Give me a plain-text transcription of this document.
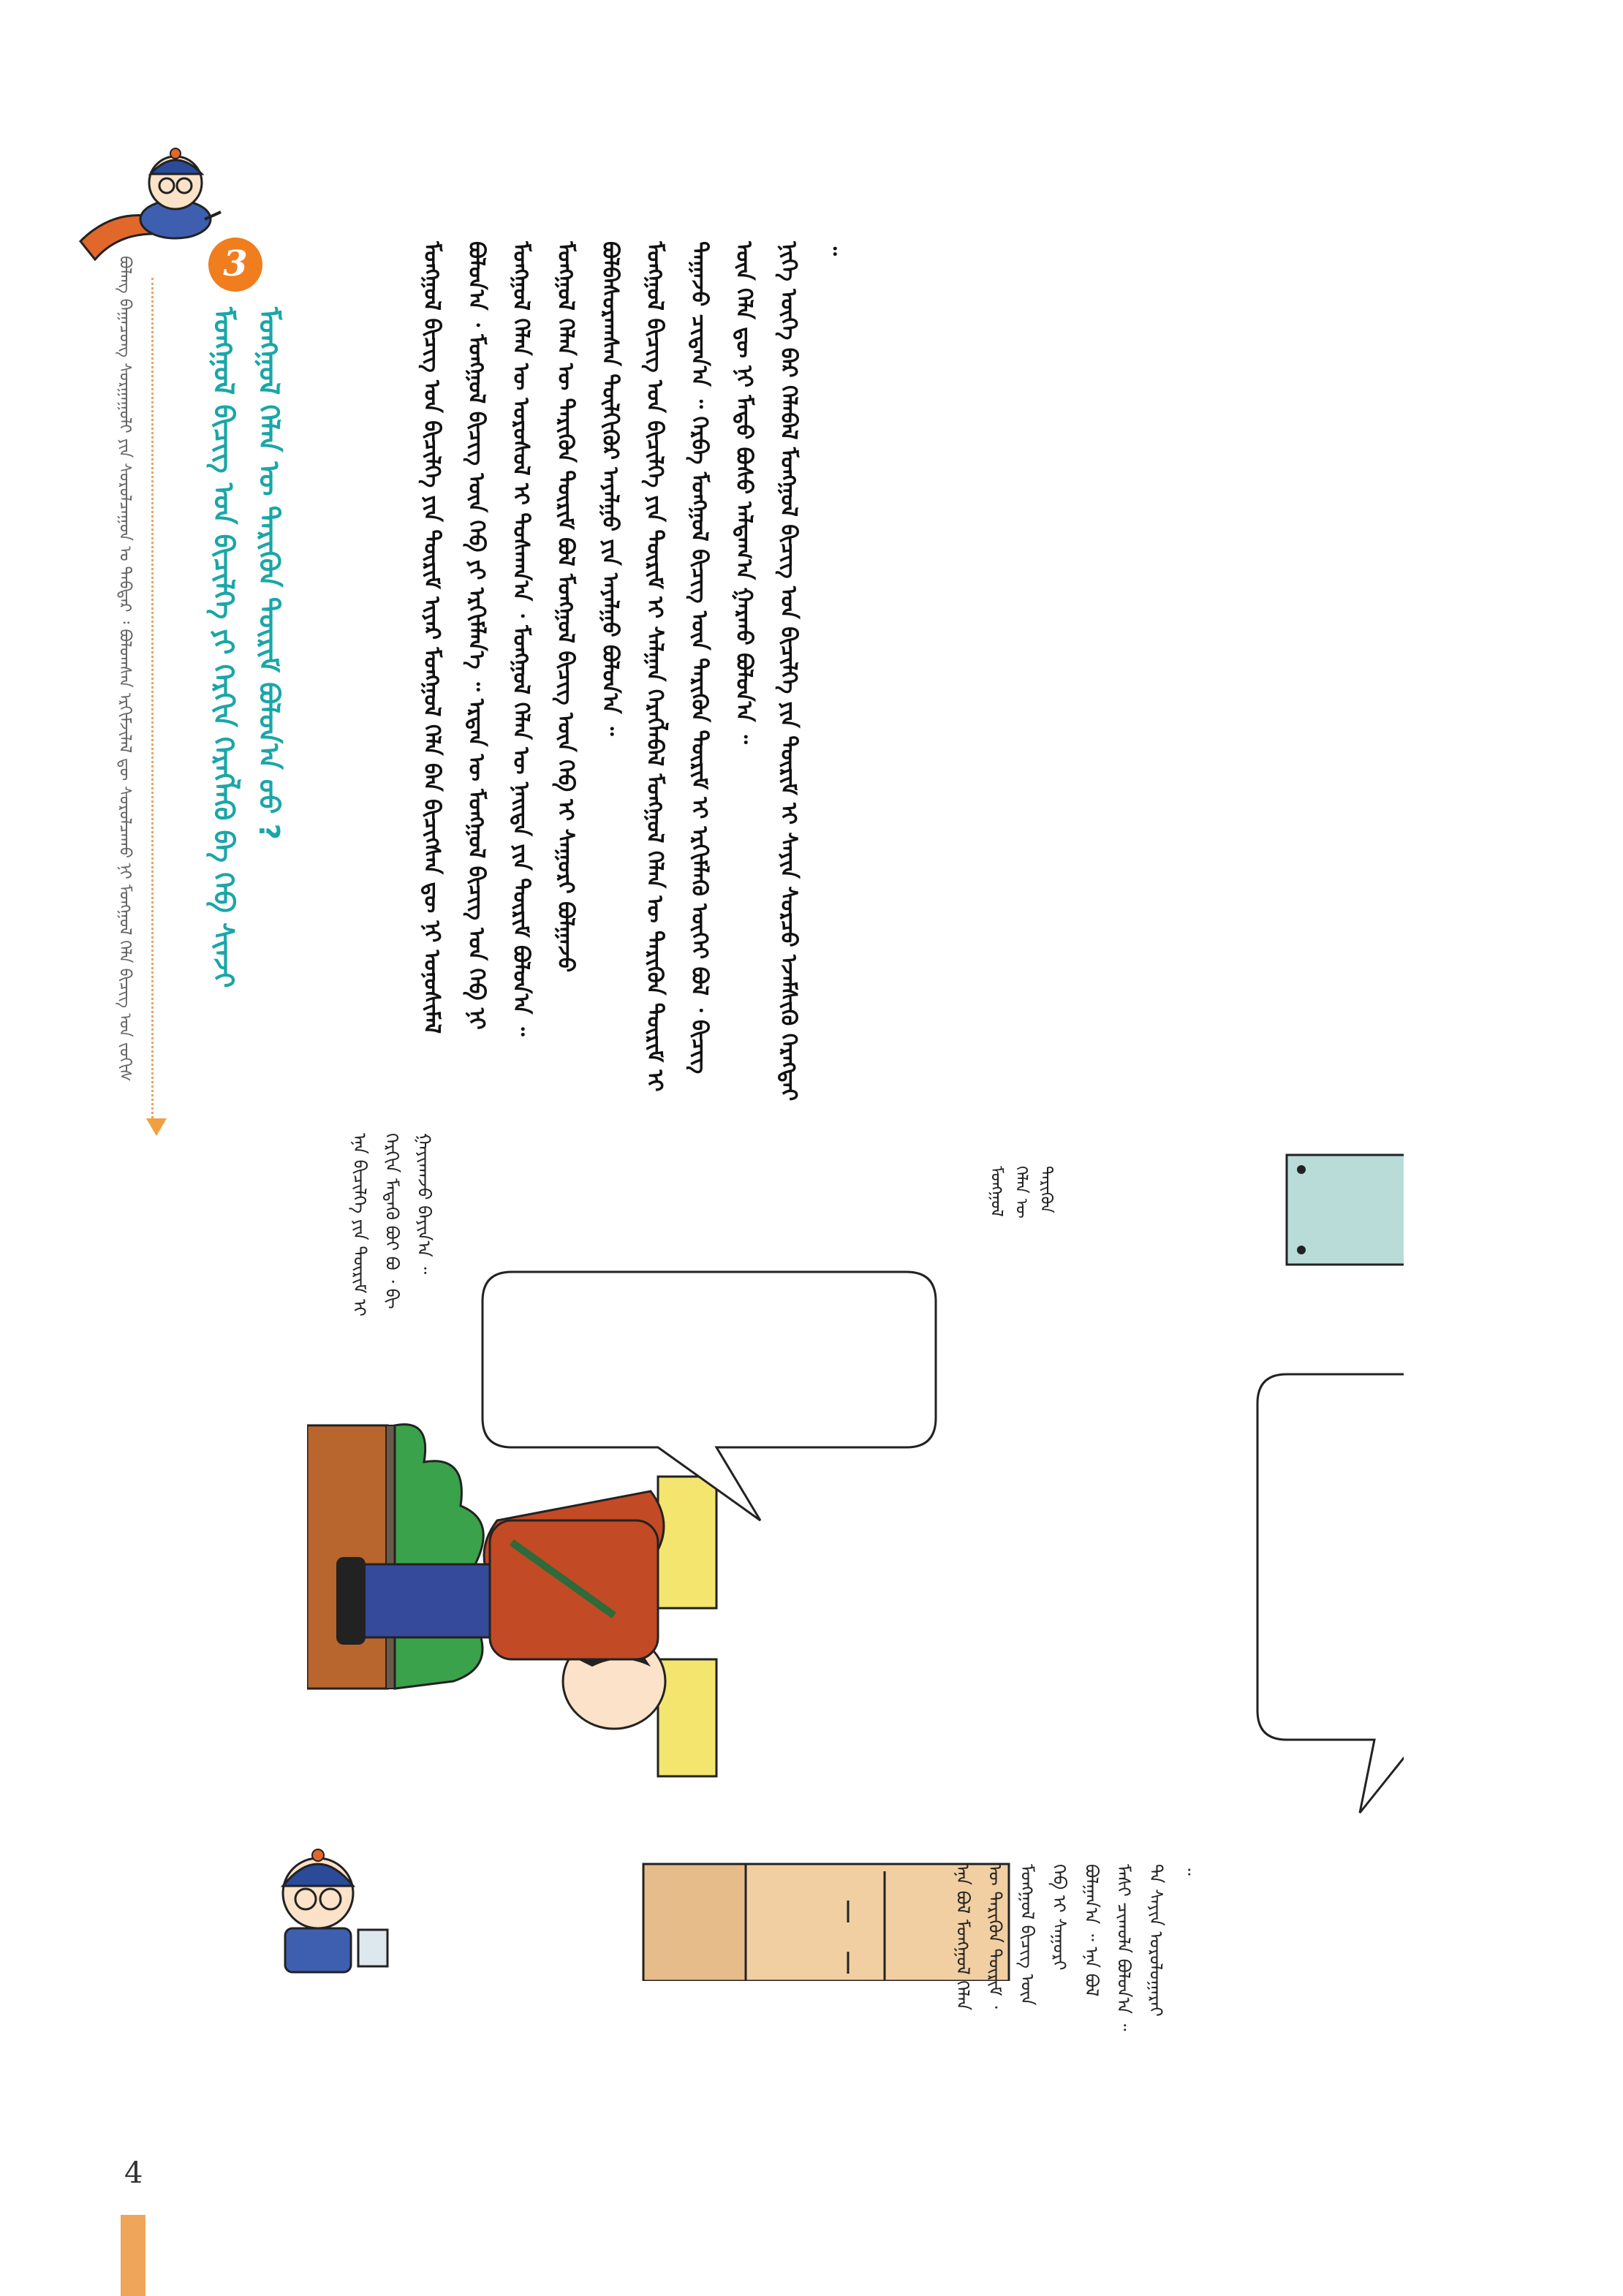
ᠪᠣᠯᠠᠩ ᠪᠠᠭᠠᠴᠤᠩ ᠰᠤᠷᠭᠠᠭᠤᠯᠢ ᠶᠢᠨ ᠰᠤᠷᠤᠯᠴᠠᠭᠤᠨ ᠤ ᠳᠡᠪᠲᠡᠷ ᠄ ᠪᠣᠯᠤᠭᠰᠠᠨ ᠡᠷᠭᠢᠮᠵᠢᠯᠡᠯ ᠳᠦ ᠰᠤᠷᠤᠯᠴᠠᠬᠤ ᠨᠢ ᠮᠣᠩᠭᠣᠯ ᠬᠡᠯᠡ ᠪᠢᠴᠢᠭ ᠤᠨ ᠵᠣᠬᠢᠰ	3
ᠮᠣᠩᠭᠣᠯ ᠪᠢᠴᠢᠭ ᠤᠨ ᠪᠢᠴᠢᠯᠭᠡ ᠶᠢ ᠬᠡᠷᠬᠢᠨ ᠬᠡᠷᠡᠭᠯᠡᠬᠦ ᠪᠡ ᠬᠡᠪ ᠰᠢᠨᠵᠢ ᠮᠣᠩᠭᠣᠯ ᠬᠡᠯᠡᠨ ᠦ ᠲᠡᠷᠢᠭᠦᠨ ᠳᠦᠷᠢᠮ ᠪᠣᠯᠣᠨ᠎ᠠ ᠤᠤ ?	ᠮᠣᠩᠭᠣᠯ ᠪᠢᠴᠢᠭ ᠤᠨ ᠪᠢᠴᠢᠯᠭᠡ ᠶᠢᠨ ᠳᠦᠷᠢᠮ ᠢᠶᠡᠷ ᠮᠣᠩᠭᠣᠯ ᠬᠡᠯᠡ ᠪᠡᠨ ᠪᠢᠴᠢᠭᠰᠡᠨ ᠳᠦ ᠨᠢ ᠤᠨᠤᠰᠢᠮᠠᠯ ᠪᠣᠯᠤᠨ᠎ᠠ ᠂ ᠮᠣᠩᠭᠣᠯ ᠪᠢᠴᠢᠭ ᠦᠨ ᠬᠡᠪ ᠶᠢ ᠡᠷᠬᠢᠮᠯᠡᠨ᠎ᠡ ᠃ ᠡᠷᠲᠡᠨ ᠦ ᠮᠣᠩᠭᠣᠯ ᠪᠢᠴᠢᠭ ᠤᠨ ᠬᠡᠪ ᠨᠢ ᠮᠣᠩᠭᠣᠯ ᠬᠡᠯᠡᠨ ᠦ ᠤᠷᠤᠰᠤᠯ ᠢ ᠲᠤᠰᠬᠠᠨ᠎ᠠ ᠂ ᠮᠣᠩᠭᠣᠯ ᠬᠡᠯᠡᠨ ᠦ ᠨᠡᠢᠲᠡ ᠶᠢᠨ ᠳᠦᠷᠢᠮ ᠪᠣᠯᠣᠨ᠎ᠠ ᠃ ᠮᠣᠩᠭᠣᠯ ᠬᠡᠯᠡᠨ ᠦ ᠲᠡᠷᠢᠭᠦᠨ ᠳᠦᠷᠢᠮ ᠪᠣᠯ ᠮᠣᠩᠭᠣᠯ ᠪᠢᠴᠢᠭ ᠦᠨ ᠬᠡᠪ ᠢ ᠰᠠᠭᠤᠷᠢ ᠪᠣᠯᠭᠠᠵᠤ ᠪᠣᠯᠪᠠᠰᠤᠷᠠᠭᠰᠠᠨ ᠲᠦᠯᠬᠢᠭᠦᠷ ᠠᠶᠠᠯᠭᠤ ᠶᠢᠨ ᠠᠶᠠᠯᠭᠤ ᠪᠣᠯᠤᠨ᠎ᠠ ᠃ ᠮᠣᠩᠭᠣᠯ ᠪᠢᠴᠢᠭ ᠤᠨ ᠪᠢᠴᠢᠯᠭᠡ ᠶᠢᠨ ᠳᠦᠷᠢᠮ ᠢ ᠰᠠᠯᠭᠠᠨ ᠬᠡᠷᠡᠭᠯᠡᠪᠡᠯ ᠮᠣᠩᠭᠣᠯ ᠬᠡᠯᠡᠨ ᠦ ᠲᠡᠷᠢᠭᠦᠨ ᠳᠦᠷᠢᠮ ᠢ ᠳᠠᠭᠠᠵᠤ ᠴᠢᠳᠠᠨ᠎ᠠ ᠃ ᠬᠡᠷᠪᠡ ᠮᠣᠩᠭᠣᠯ ᠪᠢᠴᠢᠭ ᠦᠨ ᠲᠡᠷᠢᠭᠦᠨ ᠳᠦᠷᠢᠮ ᠢ ᠡᠷᠬᠢᠮᠯᠡᠬᠦ ᠦᠭᠡᠢ ᠪᠣᠯ ᠂ ᠪᠢᠴᠢᠭ ᠦᠨ ᠬᠡᠯᠡ ᠳᠦ ᠨᠢ ᠮᠡᠲᠦ ᠪᠤᠰᠤ ᠠᠯᠳᠠᠭ᠎ᠠ ᠭᠠᠷᠬᠤ ᠪᠣᠯᠤᠨ᠎ᠠ ᠃ ᠨᠢᠭᠡ ᠦᠭᠡ ᠪᠡᠷ ᠬᠡᠯᠡᠪᠡᠯ ᠮᠣᠩᠭᠣᠯ ᠪᠢᠴᠢᠭ ᠤᠨ ᠪᠢᠴᠢᠯᠭᠡ ᠶᠢᠨ ᠳᠦᠷᠢᠮ ᠢ ᠰᠠᠶᠢᠨ ᠰᠤᠷᠴᠤ ᠡᠵᠡᠮᠰᠢᠬᠦ ᠬᠡᠷᠡᠭᠲᠡᠶ ᠃

ᠡᠨᠡ ᠪᠢᠴᠢᠯᠭᠡ ᠶᠢᠨ ᠳᠦᠷᠢᠮ ᠢ ᠬᠡᠷᠬᠢᠨ ᠮᠡᠳᠡᠬᠦ ᠪᠤᠢ ᠪᠤ ᠂ ᠪᠢ ᠭᠠᠶᠢᠬᠠᠵᠤ ᠪᠠᠶᠢᠨ᠎ᠠ ᠃	ᠮᠣᠩᠭᠣᠯ ᠬᠡᠯᠡᠨ ᠦ ᠲᠡᠷᠢᠭᠦᠨ
ᠡᠨᠡ ᠪᠣᠯ ᠮᠣᠩᠭᠣᠯ ᠬᠡᠯᠡᠨ ᠦ ᠲᠡᠷᠢᠭᠦᠨ ᠳᠦᠷᠢᠮ ᠂ ᠮᠣᠩᠭᠣᠯ ᠪᠢᠴᠢᠭ ᠦᠨ ᠬᠡᠪ ᠢ ᠰᠠᠭᠤᠷᠢ ᠪᠣᠯᠭᠠᠨ᠎ᠠ ᠃ ᠡᠨᠡ ᠪᠣᠯ ᠮᠠᠰᠢ ᠴᠢᠬᠤᠯᠠ ᠪᠣᠯᠤᠨ᠎ᠠ ᠃ ᠲᠠ ᠰᠠᠶᠢᠨ ᠤᠷᠤᠯᠤᠭᠠᠷᠠᠢ ᠃
4
